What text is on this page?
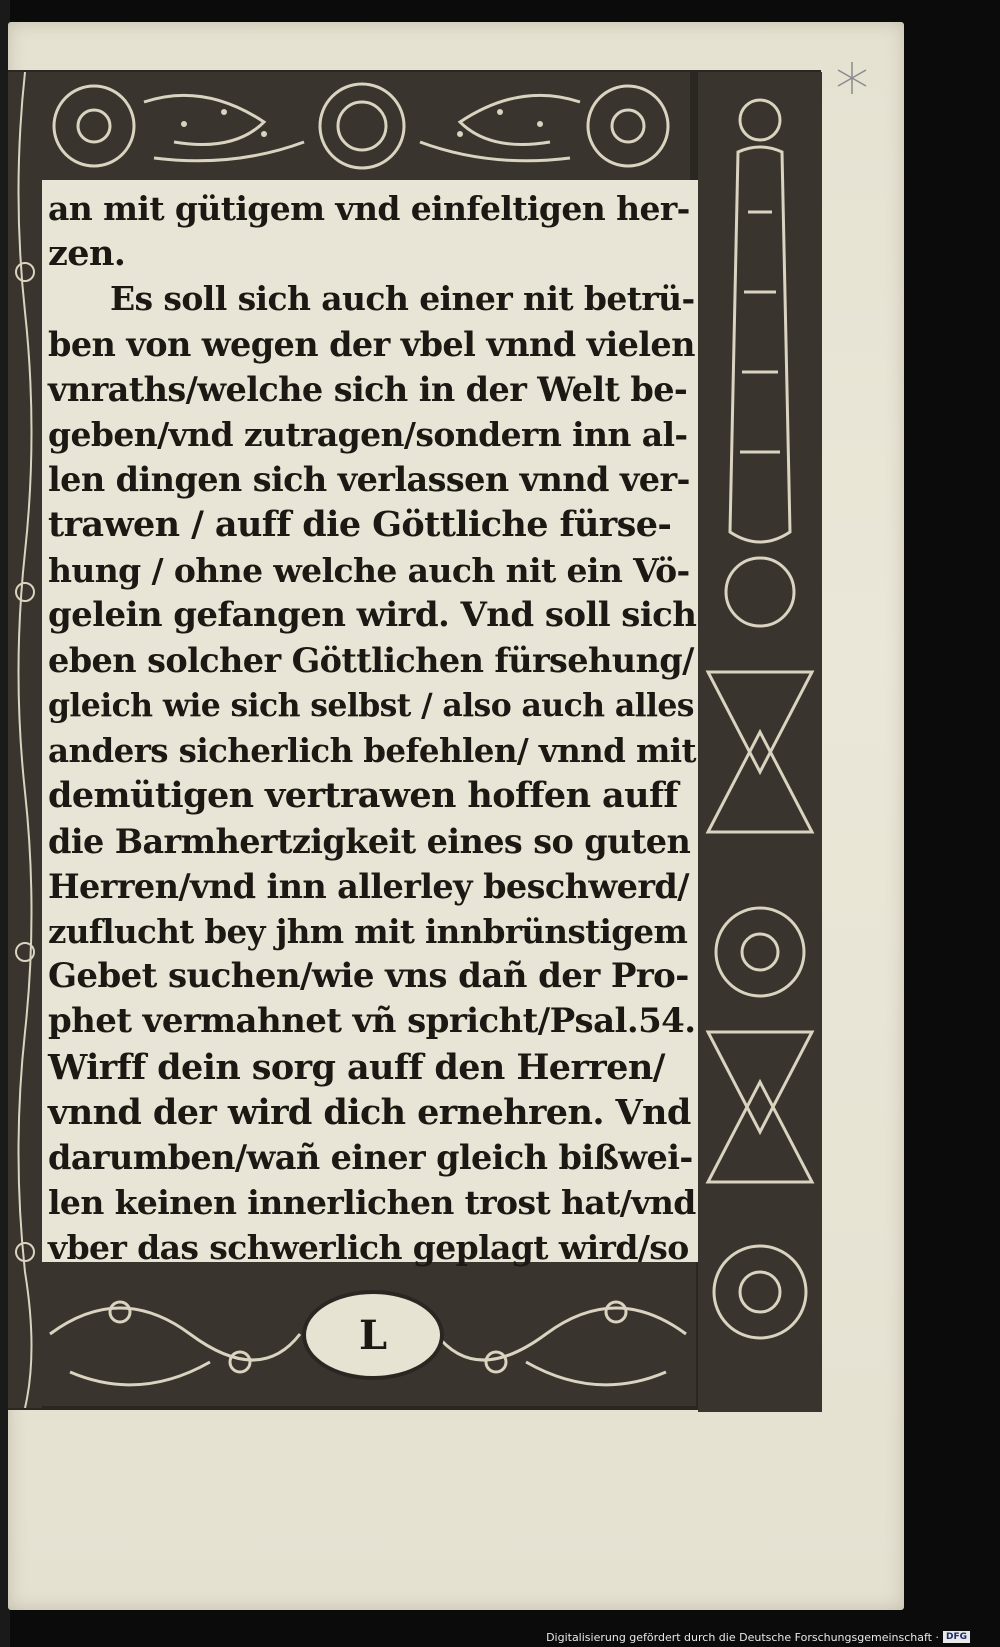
an mit gütigem vnd einfeltigen her-
zen.
Es soll sich auch einer nit betrü-
ben von wegen der vbel vnnd vielen
vnraths/welche sich in der Welt be-
geben/vnd zutragen/sondern inn al-
len dingen sich verlassen vnnd ver-
trawen / auff die Göttliche fürse-
hung / ohne welche auch nit ein Vö-
gelein gefangen wird. Vnd soll sich
eben solcher Göttlichen fürsehung/
gleich wie sich selbst / also auch alles
anders sicherlich befehlen/ vnnd mit
demütigen vertrawen hoffen auff
die Barmhertzigkeit eines so guten
Herren/vnd inn allerley beschwerd/
zuflucht bey jhm mit innbrünstigem
Gebet suchen/wie vns dañ der Pro-
phet vermahnet vñ spricht/Psal.54.
Wirff dein sorg auff den Herren/
vnnd der wird dich ernehren. Vnd
darumben/wañ einer gleich bißwei-
len keinen innerlichen trost hat/vnd
vber das schwerlich geplagt wird/so
L
Digitalisierung gefördert durch die Deutsche Forschungsgemeinschaft · DFG
